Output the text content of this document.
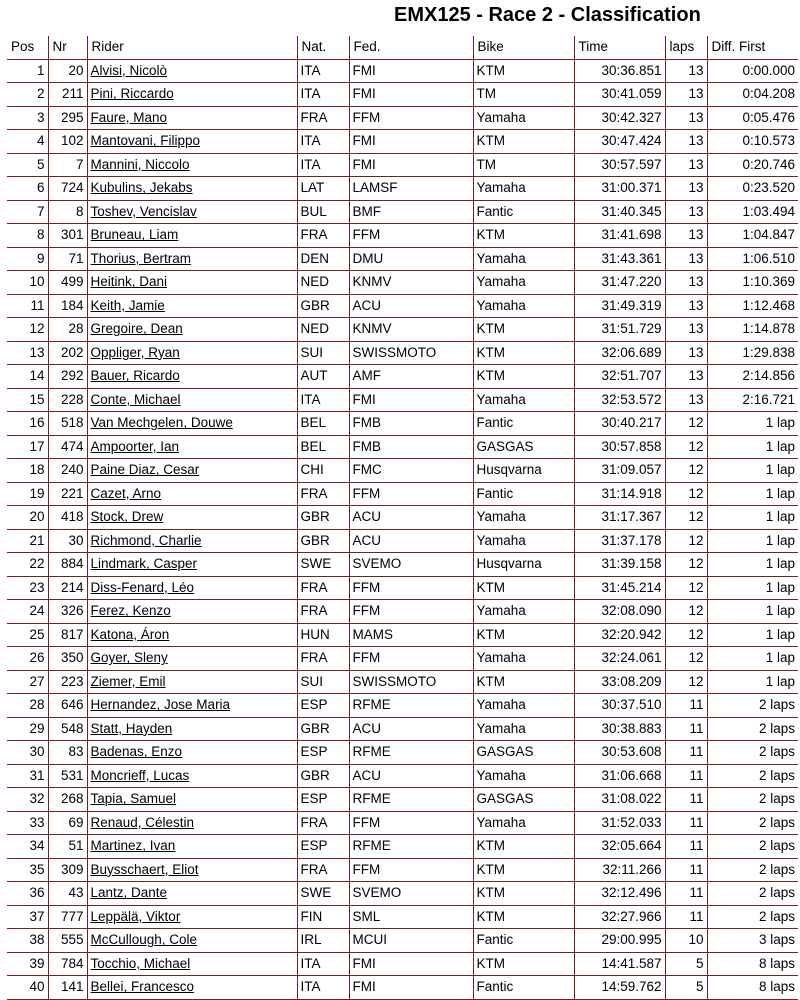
EMX125 - Race 2 - Classification
Pos	Nr	Rider	Nat.	Fed.	Bike	Time	laps	Diff. First
1	20	Alvisi, Nicolò	ITA	FMI	KTM	30:36.851	13	0:00.000
2	211	Pini, Riccardo	ITA	FMI	TM	30:41.059	13	0:04.208
3	295	Faure, Mano	FRA	FFM	Yamaha	30:42.327	13	0:05.476
4	102	Mantovani, Filippo	ITA	FMI	KTM	30:47.424	13	0:10.573
5	7	Mannini, Niccolo	ITA	FMI	TM	30:57.597	13	0:20.746
6	724	Kubulins, Jekabs	LAT	LAMSF	Yamaha	31:00.371	13	0:23.520
7	8	Toshev, Vencislav	BUL	BMF	Fantic	31:40.345	13	1:03.494
8	301	Bruneau, Liam	FRA	FFM	KTM	31:41.698	13	1:04.847
9	71	Thorius, Bertram	DEN	DMU	Yamaha	31:43.361	13	1:06.510
10	499	Heitink, Dani	NED	KNMV	Yamaha	31:47.220	13	1:10.369
11	184	Keith, Jamie	GBR	ACU	Yamaha	31:49.319	13	1:12.468
12	28	Gregoire, Dean	NED	KNMV	KTM	31:51.729	13	1:14.878
13	202	Oppliger, Ryan	SUI	SWISSMOTO	KTM	32:06.689	13	1:29.838
14	292	Bauer, Ricardo	AUT	AMF	KTM	32:51.707	13	2:14.856
15	228	Conte, Michael	ITA	FMI	Yamaha	32:53.572	13	2:16.721
16	518	Van Mechgelen, Douwe	BEL	FMB	Fantic	30:40.217	12	1 lap
17	474	Ampoorter, Ian	BEL	FMB	GASGAS	30:57.858	12	1 lap
18	240	Paine Diaz, Cesar	CHI	FMC	Husqvarna	31:09.057	12	1 lap
19	221	Cazet, Arno	FRA	FFM	Fantic	31:14.918	12	1 lap
20	418	Stock, Drew	GBR	ACU	Yamaha	31:17.367	12	1 lap
21	30	Richmond, Charlie	GBR	ACU	Yamaha	31:37.178	12	1 lap
22	884	Lindmark, Casper	SWE	SVEMO	Husqvarna	31:39.158	12	1 lap
23	214	Diss-Fenard, Léo	FRA	FFM	KTM	31:45.214	12	1 lap
24	326	Ferez, Kenzo	FRA	FFM	Yamaha	32:08.090	12	1 lap
25	817	Katona, Áron	HUN	MAMS	KTM	32:20.942	12	1 lap
26	350	Goyer, Sleny	FRA	FFM	Yamaha	32:24.061	12	1 lap
27	223	Ziemer, Emil	SUI	SWISSMOTO	KTM	33:08.209	12	1 lap
28	646	Hernandez, Jose Maria	ESP	RFME	Yamaha	30:37.510	11	2 laps
29	548	Statt, Hayden	GBR	ACU	Yamaha	30:38.883	11	2 laps
30	83	Badenas, Enzo	ESP	RFME	GASGAS	30:53.608	11	2 laps
31	531	Moncrieff, Lucas	GBR	ACU	Yamaha	31:06.668	11	2 laps
32	268	Tapia, Samuel	ESP	RFME	GASGAS	31:08.022	11	2 laps
33	69	Renaud, Célestin	FRA	FFM	Yamaha	31:52.033	11	2 laps
34	51	Martinez, Ivan	ESP	RFME	KTM	32:05.664	11	2 laps
35	309	Buysschaert, Eliot	FRA	FFM	KTM	32:11.266	11	2 laps
36	43	Lantz, Dante	SWE	SVEMO	KTM	32:12.496	11	2 laps
37	777	Leppälä, Viktor	FIN	SML	KTM	32:27.966	11	2 laps
38	555	McCullough, Cole	IRL	MCUI	Fantic	29:00.995	10	3 laps
39	784	Tocchio, Michael	ITA	FMI	KTM	14:41.587	5	8 laps
40	141	Bellei, Francesco	ITA	FMI	Fantic	14:59.762	5	8 laps
